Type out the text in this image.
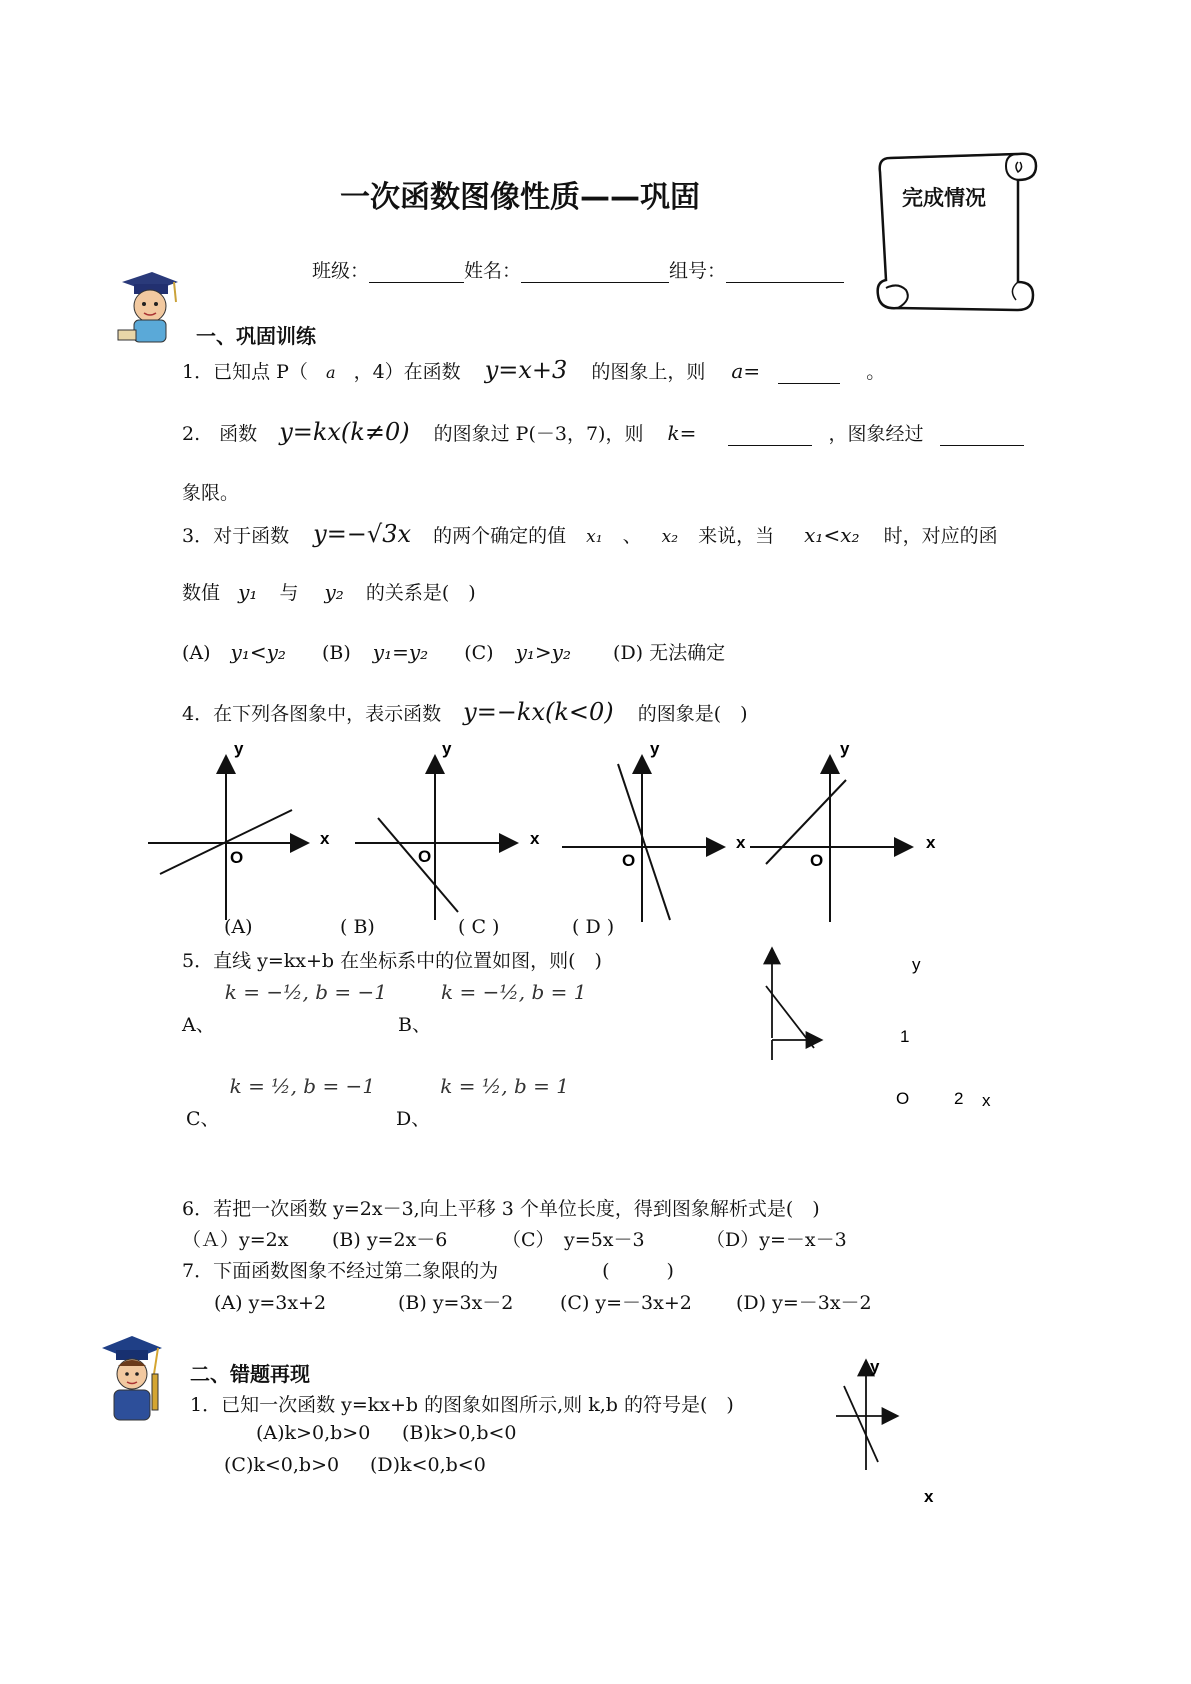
一次函数图像性质——巩固	完成情况
班级：	姓名：	组号：
一、巩固训练
1．已知点 P（ a ，4）在函数 y=x+3 的图象上，则 a=	。
2.　函数 y=kx(k≠0) 的图象过 P(－3，7)，则 k=	，图象经过
象限。
3．对于函数 y=−√3x 的两个确定的值 x₁ 、 x₂ 来说，当 x₁<x₂ 时，对应的函
数值 y₁ 与 y₂ 的关系是(　)
(A) y₁<y₂ (B) y₁=y₂ (C) y₁>y₂ (D) 无法确定
4．在下列各图象中，表示函数 y=−kx(k<0) 的图象是(　)
y
x
O
y
x
O
y
x
O
y
x
O
(A)	( B)	( C )	( D )
5．直线 y=kx+b 在坐标系中的位置如图，则(　)
A、 k = −½, b = −1
B、 k = −½, b = 1
C、 k = ½, b = −1
D、 k = ½, b = 1
y
1
O	2 x
6．若把一次函数 y=2x－3,向上平移 3 个单位长度，得到图象解析式是(　)
（Ａ）y=2x (B) y=2x－6	（C）　y=5x－3	（D）y=－x－3
7．下面函数图象不经过第二象限的为	(　　　)
(A) y=3x+2	(B) y=3x－2 (C) y=－3x+2 (D) y=－3x－2
二、错题再现
1．已知一次函数 y=kx+b 的图象如图所示,则 k,b 的符号是(　)
(A)k>0,b>0 (B)k>0,b<0
(C)k<0,b>0 (D)k<0,b<0
y
x
